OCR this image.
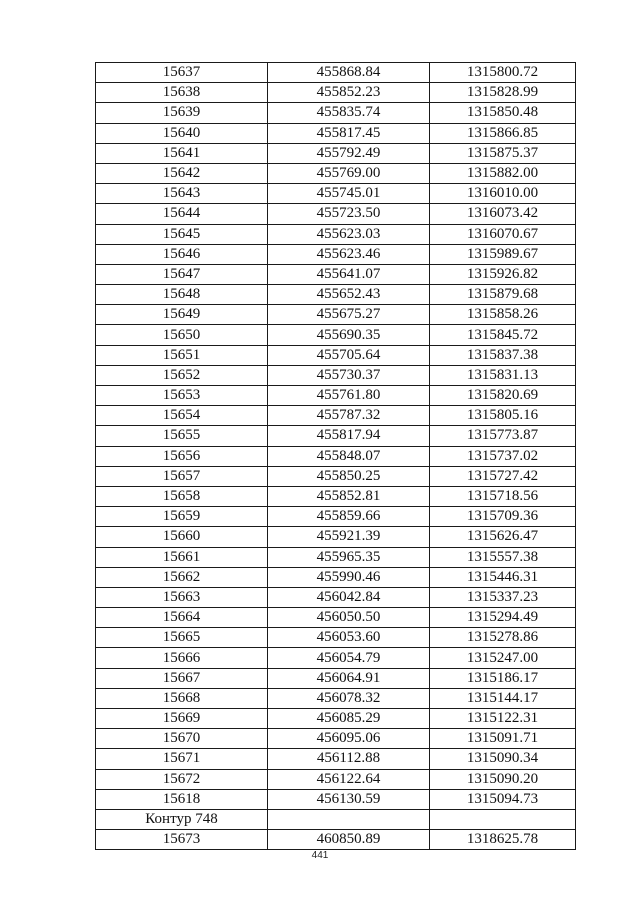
15637	455868.84	1315800.72
15638	455852.23	1315828.99
15639	455835.74	1315850.48
15640	455817.45	1315866.85
15641	455792.49	1315875.37
15642	455769.00	1315882.00
15643	455745.01	1316010.00
15644	455723.50	1316073.42
15645	455623.03	1316070.67
15646	455623.46	1315989.67
15647	455641.07	1315926.82
15648	455652.43	1315879.68
15649	455675.27	1315858.26
15650	455690.35	1315845.72
15651	455705.64	1315837.38
15652	455730.37	1315831.13
15653	455761.80	1315820.69
15654	455787.32	1315805.16
15655	455817.94	1315773.87
15656	455848.07	1315737.02
15657	455850.25	1315727.42
15658	455852.81	1315718.56
15659	455859.66	1315709.36
15660	455921.39	1315626.47
15661	455965.35	1315557.38
15662	455990.46	1315446.31
15663	456042.84	1315337.23
15664	456050.50	1315294.49
15665	456053.60	1315278.86
15666	456054.79	1315247.00
15667	456064.91	1315186.17
15668	456078.32	1315144.17
15669	456085.29	1315122.31
15670	456095.06	1315091.71
15671	456112.88	1315090.34
15672	456122.64	1315090.20
15618	456130.59	1315094.73
Контур 748		
15673	460850.89	1318625.78
441
